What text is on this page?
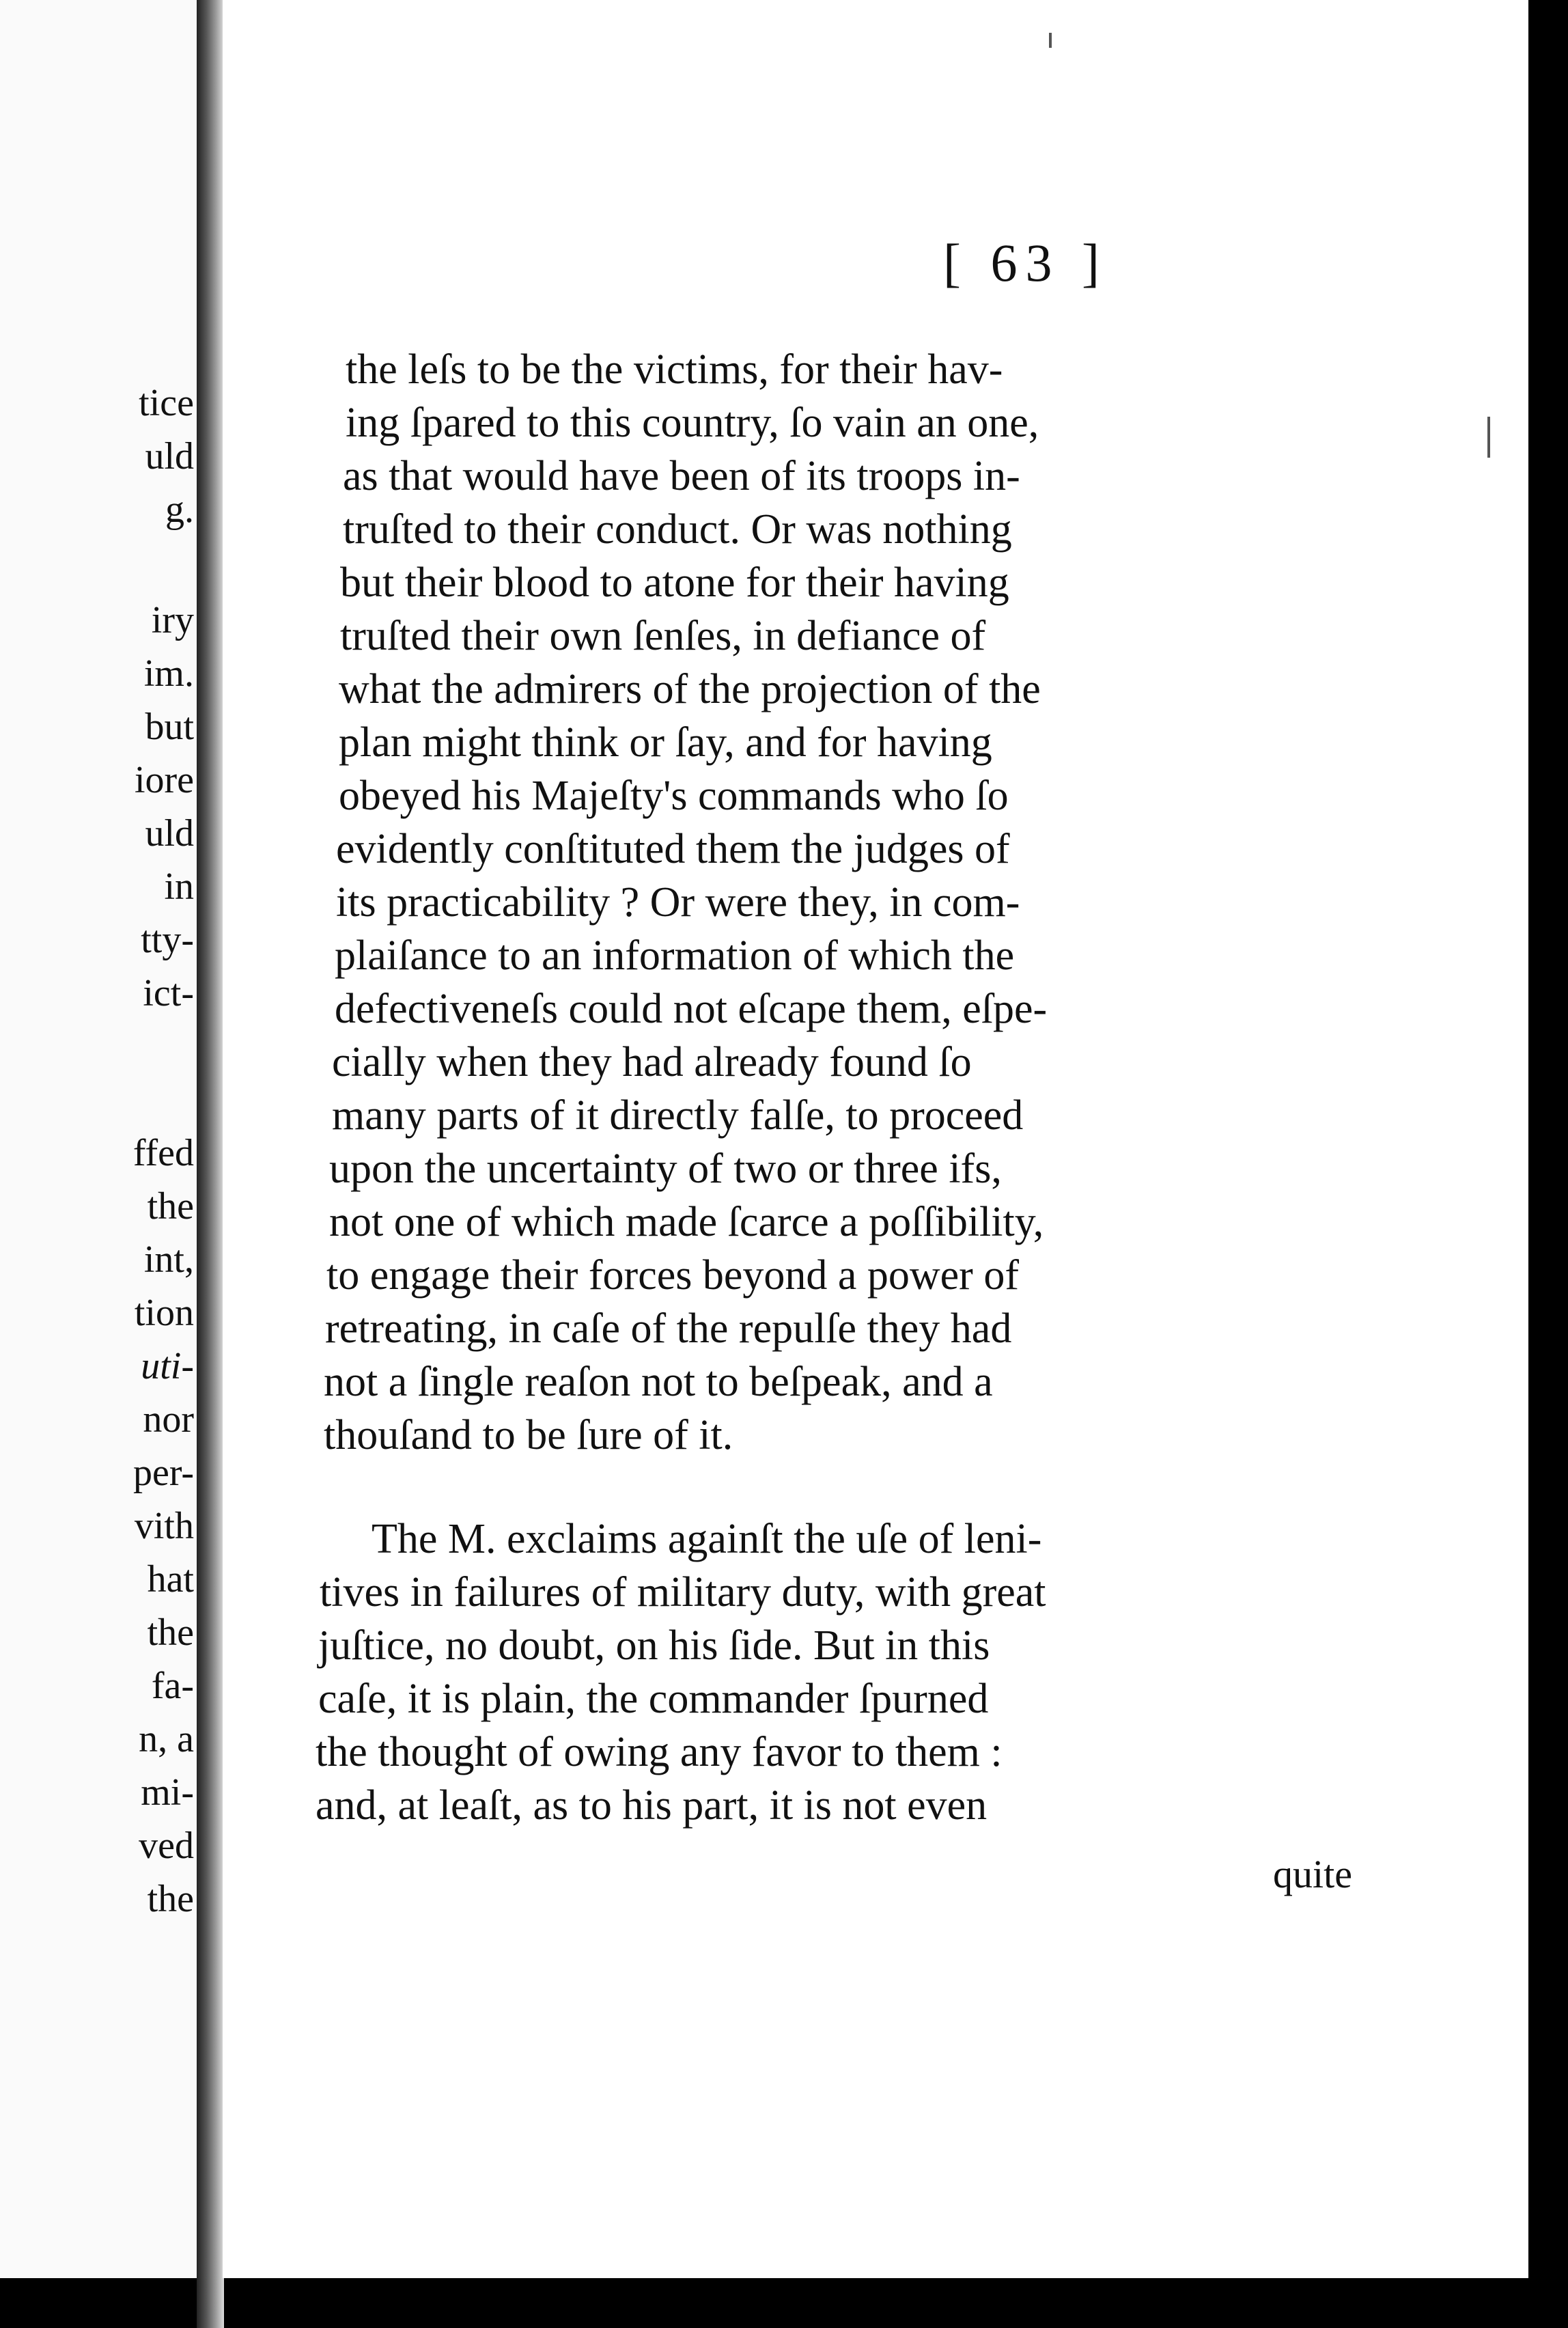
tice
uld
g.
iry
im.
but
iore
uld
in
tty-
ict-
ffed
the
int,
tion
uti-
nor
per-
vith
hat
the
fa-
n, a
mi-
ved
the
[ 63 ]
the leſs to be the victims, for their hav-
ing ſpared to this country, ſo vain an one,
as that would have been of its troops in-
truſted to their conduct. Or was nothing
but their blood to atone for their having
truſted their own ſenſes, in defiance of
what the admirers of the projection of the
plan might think or ſay, and for having
obeyed his Majeſty's commands who ſo
evidently conſtituted them the judges of
its practicability ? Or were they, in com-
plaiſance to an information of which the
defectiveneſs could not eſcape them, eſpe-
cially when they had already found ſo
many parts of it directly falſe, to proceed
upon the uncertainty of two or three ifs,
not one of which made ſcarce a poſſibility,
to engage their forces beyond a power of
retreating, in caſe of the repulſe they had
not a ſingle reaſon not to beſpeak, and a
thouſand to be ſure of it.
The M. exclaims againſt the uſe of leni-
tives in failures of military duty, with great
juſtice, no doubt, on his ſide. But in this
caſe, it is plain, the commander ſpurned
the thought of owing any favor to them :
and, at leaſt, as to his part, it is not even
quite
